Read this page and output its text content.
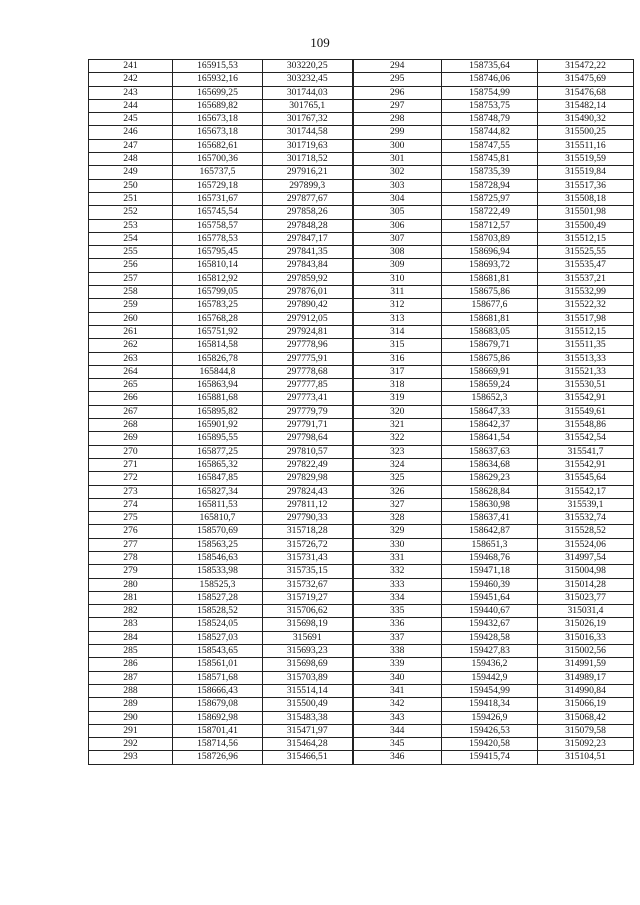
109
241	165915,53	303220,25	294	158735,64	315472,22
242	165932,16	303232,45	295	158746,06	315475,69
243	165699,25	301744,03	296	158754,99	315476,68
244	165689,82	301765,1	297	158753,75	315482,14
245	165673,18	301767,32	298	158748,79	315490,32
246	165673,18	301744,58	299	158744,82	315500,25
247	165682,61	301719,63	300	158747,55	315511,16
248	165700,36	301718,52	301	158745,81	315519,59
249	165737,5	297916,21	302	158735,39	315519,84
250	165729,18	297899,3	303	158728,94	315517,36
251	165731,67	297877,67	304	158725,97	315508,18
252	165745,54	297858,26	305	158722,49	315501,98
253	165758,57	297848,28	306	158712,57	315500,49
254	165778,53	297847,17	307	158703,89	315512,15
255	165795,45	297841,35	308	158696,94	315525,55
256	165810,14	297843,84	309	158693,72	315535,47
257	165812,92	297859,92	310	158681,81	315537,21
258	165799,05	297876,01	311	158675,86	315532,99
259	165783,25	297890,42	312	158677,6	315522,32
260	165768,28	297912,05	313	158681,81	315517,98
261	165751,92	297924,81	314	158683,05	315512,15
262	165814,58	297778,96	315	158679,71	315511,35
263	165826,78	297775,91	316	158675,86	315513,33
264	165844,8	297778,68	317	158669,91	315521,33
265	165863,94	297777,85	318	158659,24	315530,51
266	165881,68	297773,41	319	158652,3	315542,91
267	165895,82	297779,79	320	158647,33	315549,61
268	165901,92	297791,71	321	158642,37	315548,86
269	165895,55	297798,64	322	158641,54	315542,54
270	165877,25	297810,57	323	158637,63	315541,7
271	165865,32	297822,49	324	158634,68	315542,91
272	165847,85	297829,98	325	158629,23	315545,64
273	165827,34	297824,43	326	158628,84	315542,17
274	165811,53	297811,12	327	158630,98	315539,1
275	165810,7	297790,33	328	158637,41	315532,74
276	158570,69	315718,28	329	158642,87	315528,52
277	158563,25	315726,72	330	158651,3	315524,06
278	158546,63	315731,43	331	159468,76	314997,54
279	158533,98	315735,15	332	159471,18	315004,98
280	158525,3	315732,67	333	159460,39	315014,28
281	158527,28	315719,27	334	159451,64	315023,77
282	158528,52	315706,62	335	159440,67	315031,4
283	158524,05	315698,19	336	159432,67	315026,19
284	158527,03	315691	337	159428,58	315016,33
285	158543,65	315693,23	338	159427,83	315002,56
286	158561,01	315698,69	339	159436,2	314991,59
287	158571,68	315703,89	340	159442,9	314989,17
288	158666,43	315514,14	341	159454,99	314990,84
289	158679,08	315500,49	342	159418,34	315066,19
290	158692,98	315483,38	343	159426,9	315068,42
291	158701,41	315471,97	344	159426,53	315079,58
292	158714,56	315464,28	345	159420,58	315092,23
293	158726,96	315466,51	346	159415,74	315104,51
